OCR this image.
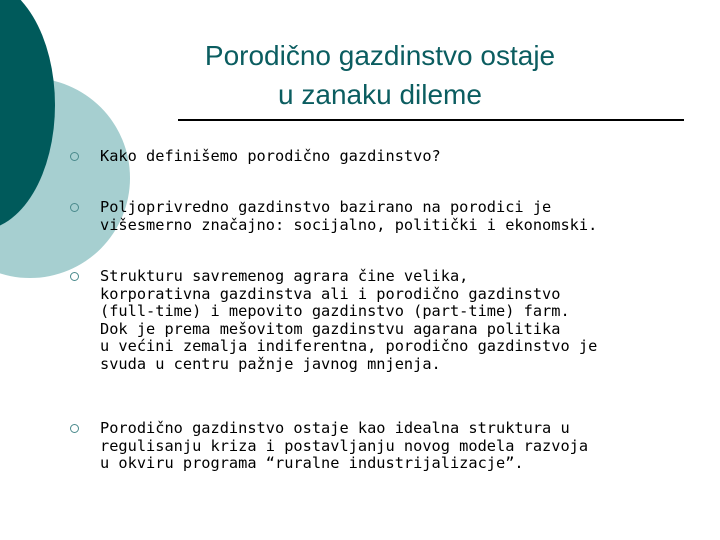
Porodično gazdinstvo ostaje
u zanaku dileme
Kako definišemo porodično gazdinstvo?
Poljoprivredno gazdinstvo bazirano na porodici je
višesmerno značajno: socijalno, politički i ekonomski.
Strukturu savremenog agrara čine velika,
korporativna gazdinstva ali i porodično gazdinstvo
(full-time) i mepovito gazdinstvo (part-time) farm.
Dok je prema mešovitom gazdinstvu agarana politika
u većini zemalja indiferentna, porodično gazdinstvo je
svuda u centru pažnje javnog mnjenja.
Porodično gazdinstvo ostaje kao idealna struktura u
regulisanju kriza i postavljanju novog modela razvoja
u okviru programa “ruralne industrijalizacje”.
